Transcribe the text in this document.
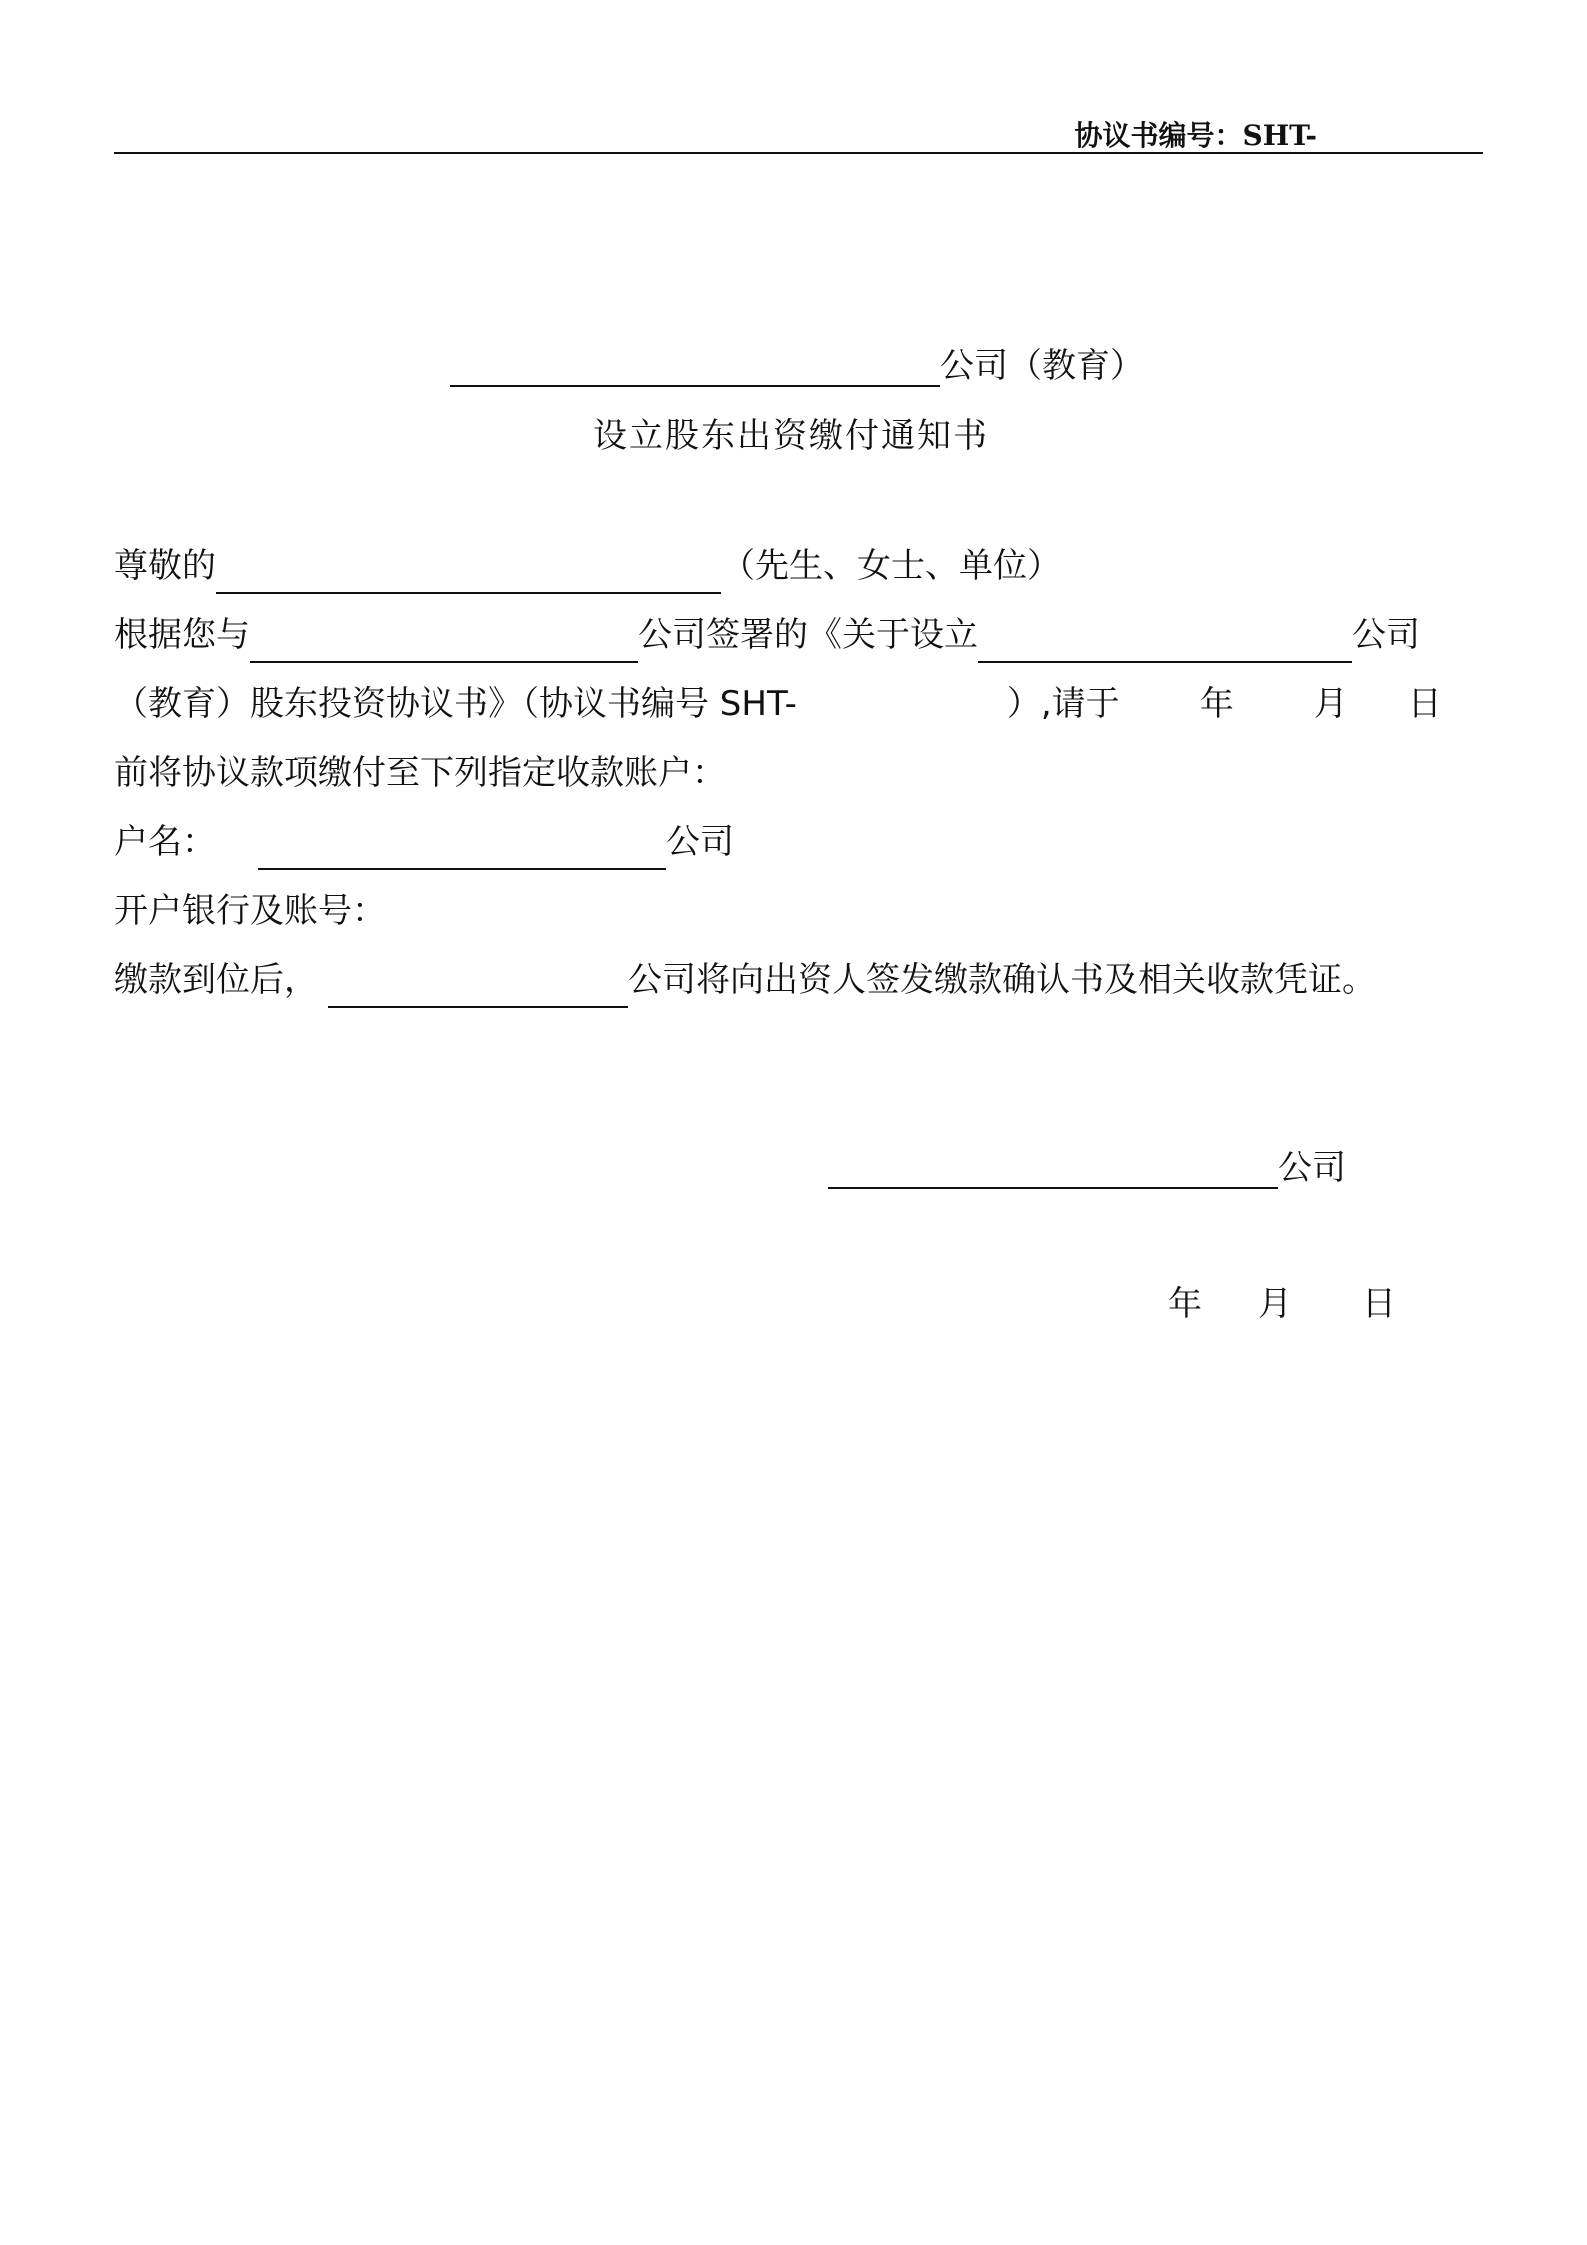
协议书编号：SHT-
公司（教育）
设立股东出资缴付通知书
尊敬的	（先生、女士、单位）
根据您与	公司签署的《关于设立	公司
（教育）股东投资协议书》（协议书编号 SHT-	）,请于 年 月 日
前将协议款项缴付至下列指定收款账户：
户名：	公司
开户银行及账号：
缴款到位后，	公司将向出资人签发缴款确认书及相关收款凭证。
公司
年 月 日
